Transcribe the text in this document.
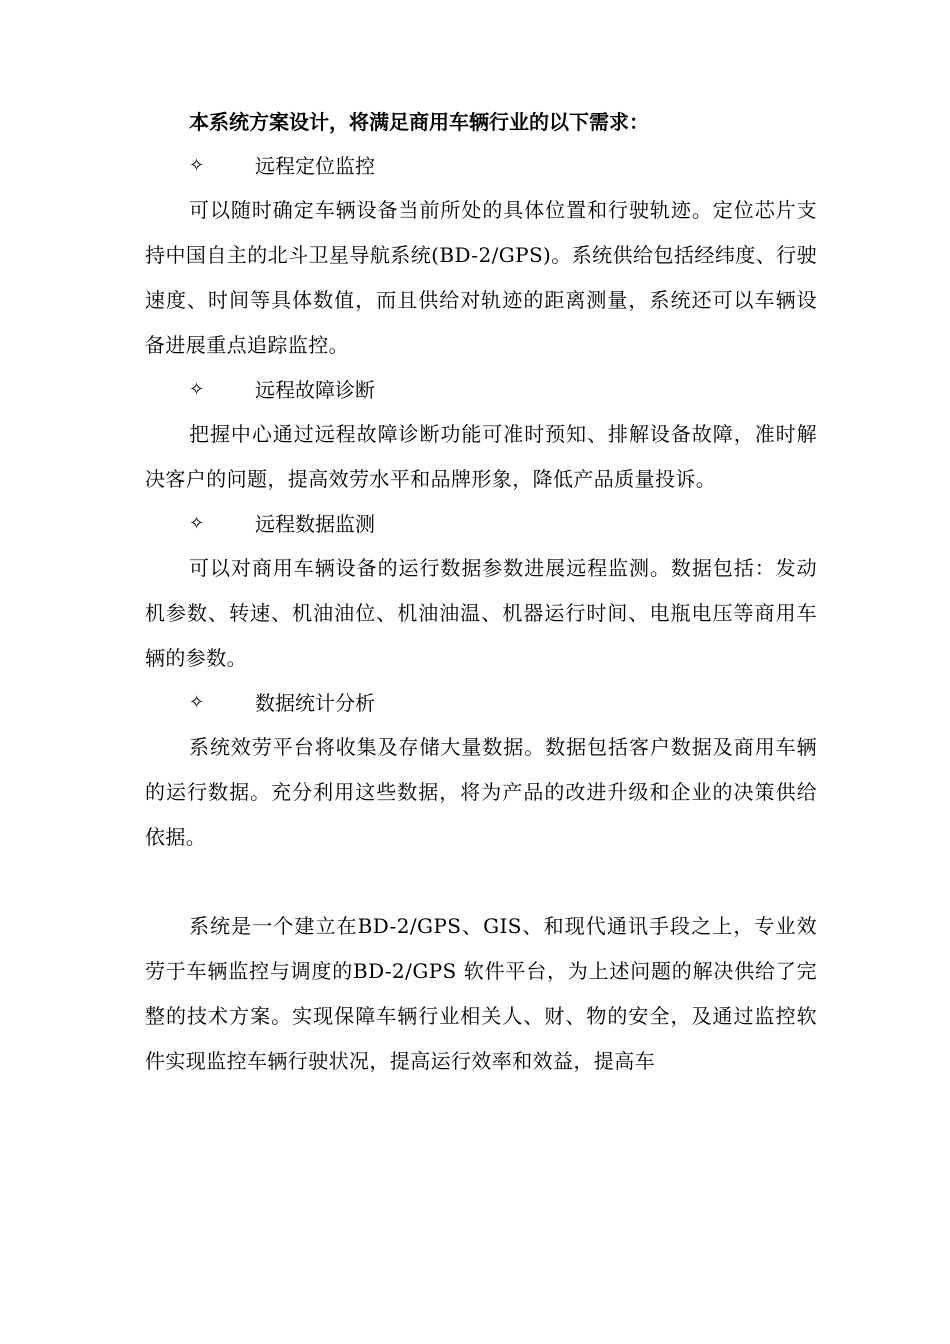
本系统方案设计，将满足商用车辆行业的以下需求：
✧	远程定位监控

可以随时确定车辆设备当前所处的具体位置和行驶轨迹。定位芯片支持中国自主的北斗卫星导航系统(BD-2/GPS)。系统供给包括经纬度、行驶速度、时间等具体数值，而且供给对轨迹的距离测量，系统还可以车辆设备进展重点追踪监控。

✧	远程故障诊断

把握中心通过远程故障诊断功能可准时预知、排解设备故障，准时解决客户的问题，提高效劳水平和品牌形象，降低产品质量投诉。

✧	远程数据监测

可以对商用车辆设备的运行数据参数进展远程监测。数据包括：发动机参数、转速、机油油位、机油油温、机器运行时间、电瓶电压等商用车辆的参数。

✧	数据统计分析

系统效劳平台将收集及存储大量数据。数据包括客户数据及商用车辆的运行数据。充分利用这些数据，将为产品的改进升级和企业的决策供给依据。

系统是一个建立在BD-2/GPS、GIS、和现代通讯手段之上，专业效劳于车辆监控与调度的BD-2/GPS 软件平台，为上述问题的解决供给了完整的技术方案。实现保障车辆行业相关人、财、物的安全，及通过监控软件实现监控车辆行驶状况，提高运行效率和效益，提高车
